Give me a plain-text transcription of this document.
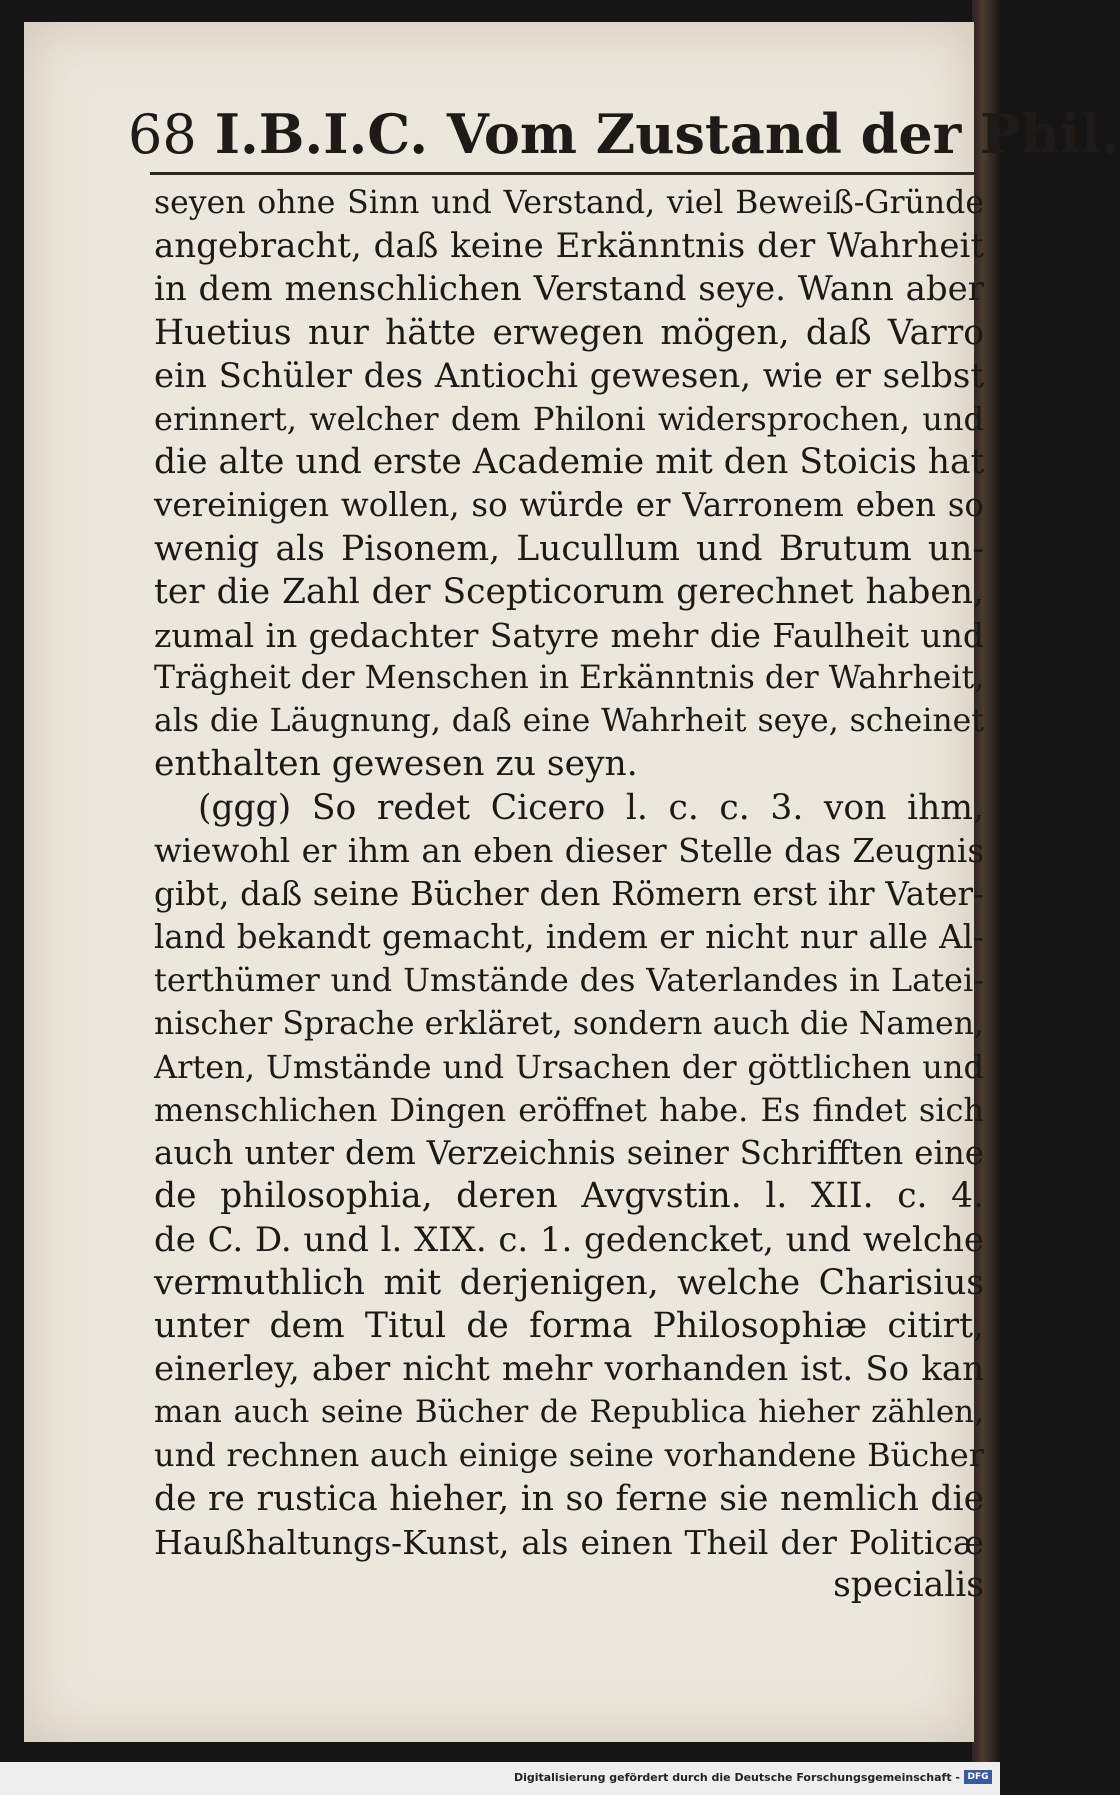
68 I.B.I.C. Vom Zustand der Phil.
seyen ohne Sinn und Verstand, viel Beweiß-Gründe
angebracht, daß keine Erkänntnis der Wahrheit
in dem menschlichen Verstand seye. Wann aber
Huetius nur hätte erwegen mögen, daß Varro
ein Schüler des Antiochi gewesen, wie er selbst
erinnert, welcher dem Philoni widersprochen, und
die alte und erste Academie mit den Stoicis hat
vereinigen wollen, so würde er Varronem eben so
wenig als Pisonem, Lucullum und Brutum un-
ter die Zahl der Scepticorum gerechnet haben,
zumal in gedachter Satyre mehr die Faulheit und
Trägheit der Menschen in Erkänntnis der Wahrheit,
als die Läugnung, daß eine Wahrheit seye, scheinet
enthalten gewesen zu seyn.
(ggg) So redet Cicero l. c. c. 3. von ihm,
wiewohl er ihm an eben dieser Stelle das Zeugnis
gibt, daß seine Bücher den Römern erst ihr Vater-
land bekandt gemacht, indem er nicht nur alle Al-
terthümer und Umstände des Vaterlandes in Latei-
nischer Sprache erkläret, sondern auch die Namen,
Arten, Umstände und Ursachen der göttlichen und
menschlichen Dingen eröffnet habe. Es findet sich
auch unter dem Verzeichnis seiner Schrifften eine
de philosophia, deren Avgvstin. l. XII. c. 4.
de C. D. und l. XIX. c. 1. gedencket, und welche
vermuthlich mit derjenigen, welche Charisius
unter dem Titul de forma Philosophiæ citirt,
einerley, aber nicht mehr vorhanden ist. So kan
man auch seine Bücher de Republica hieher zählen,
und rechnen auch einige seine vorhandene Bücher
de re rustica hieher, in so ferne sie nemlich die
Haußhaltungs-Kunst, als einen Theil der Politicæ
specialis
Digitalisierung gefördert durch die Deutsche Forschungsgemeinschaft - DFG
